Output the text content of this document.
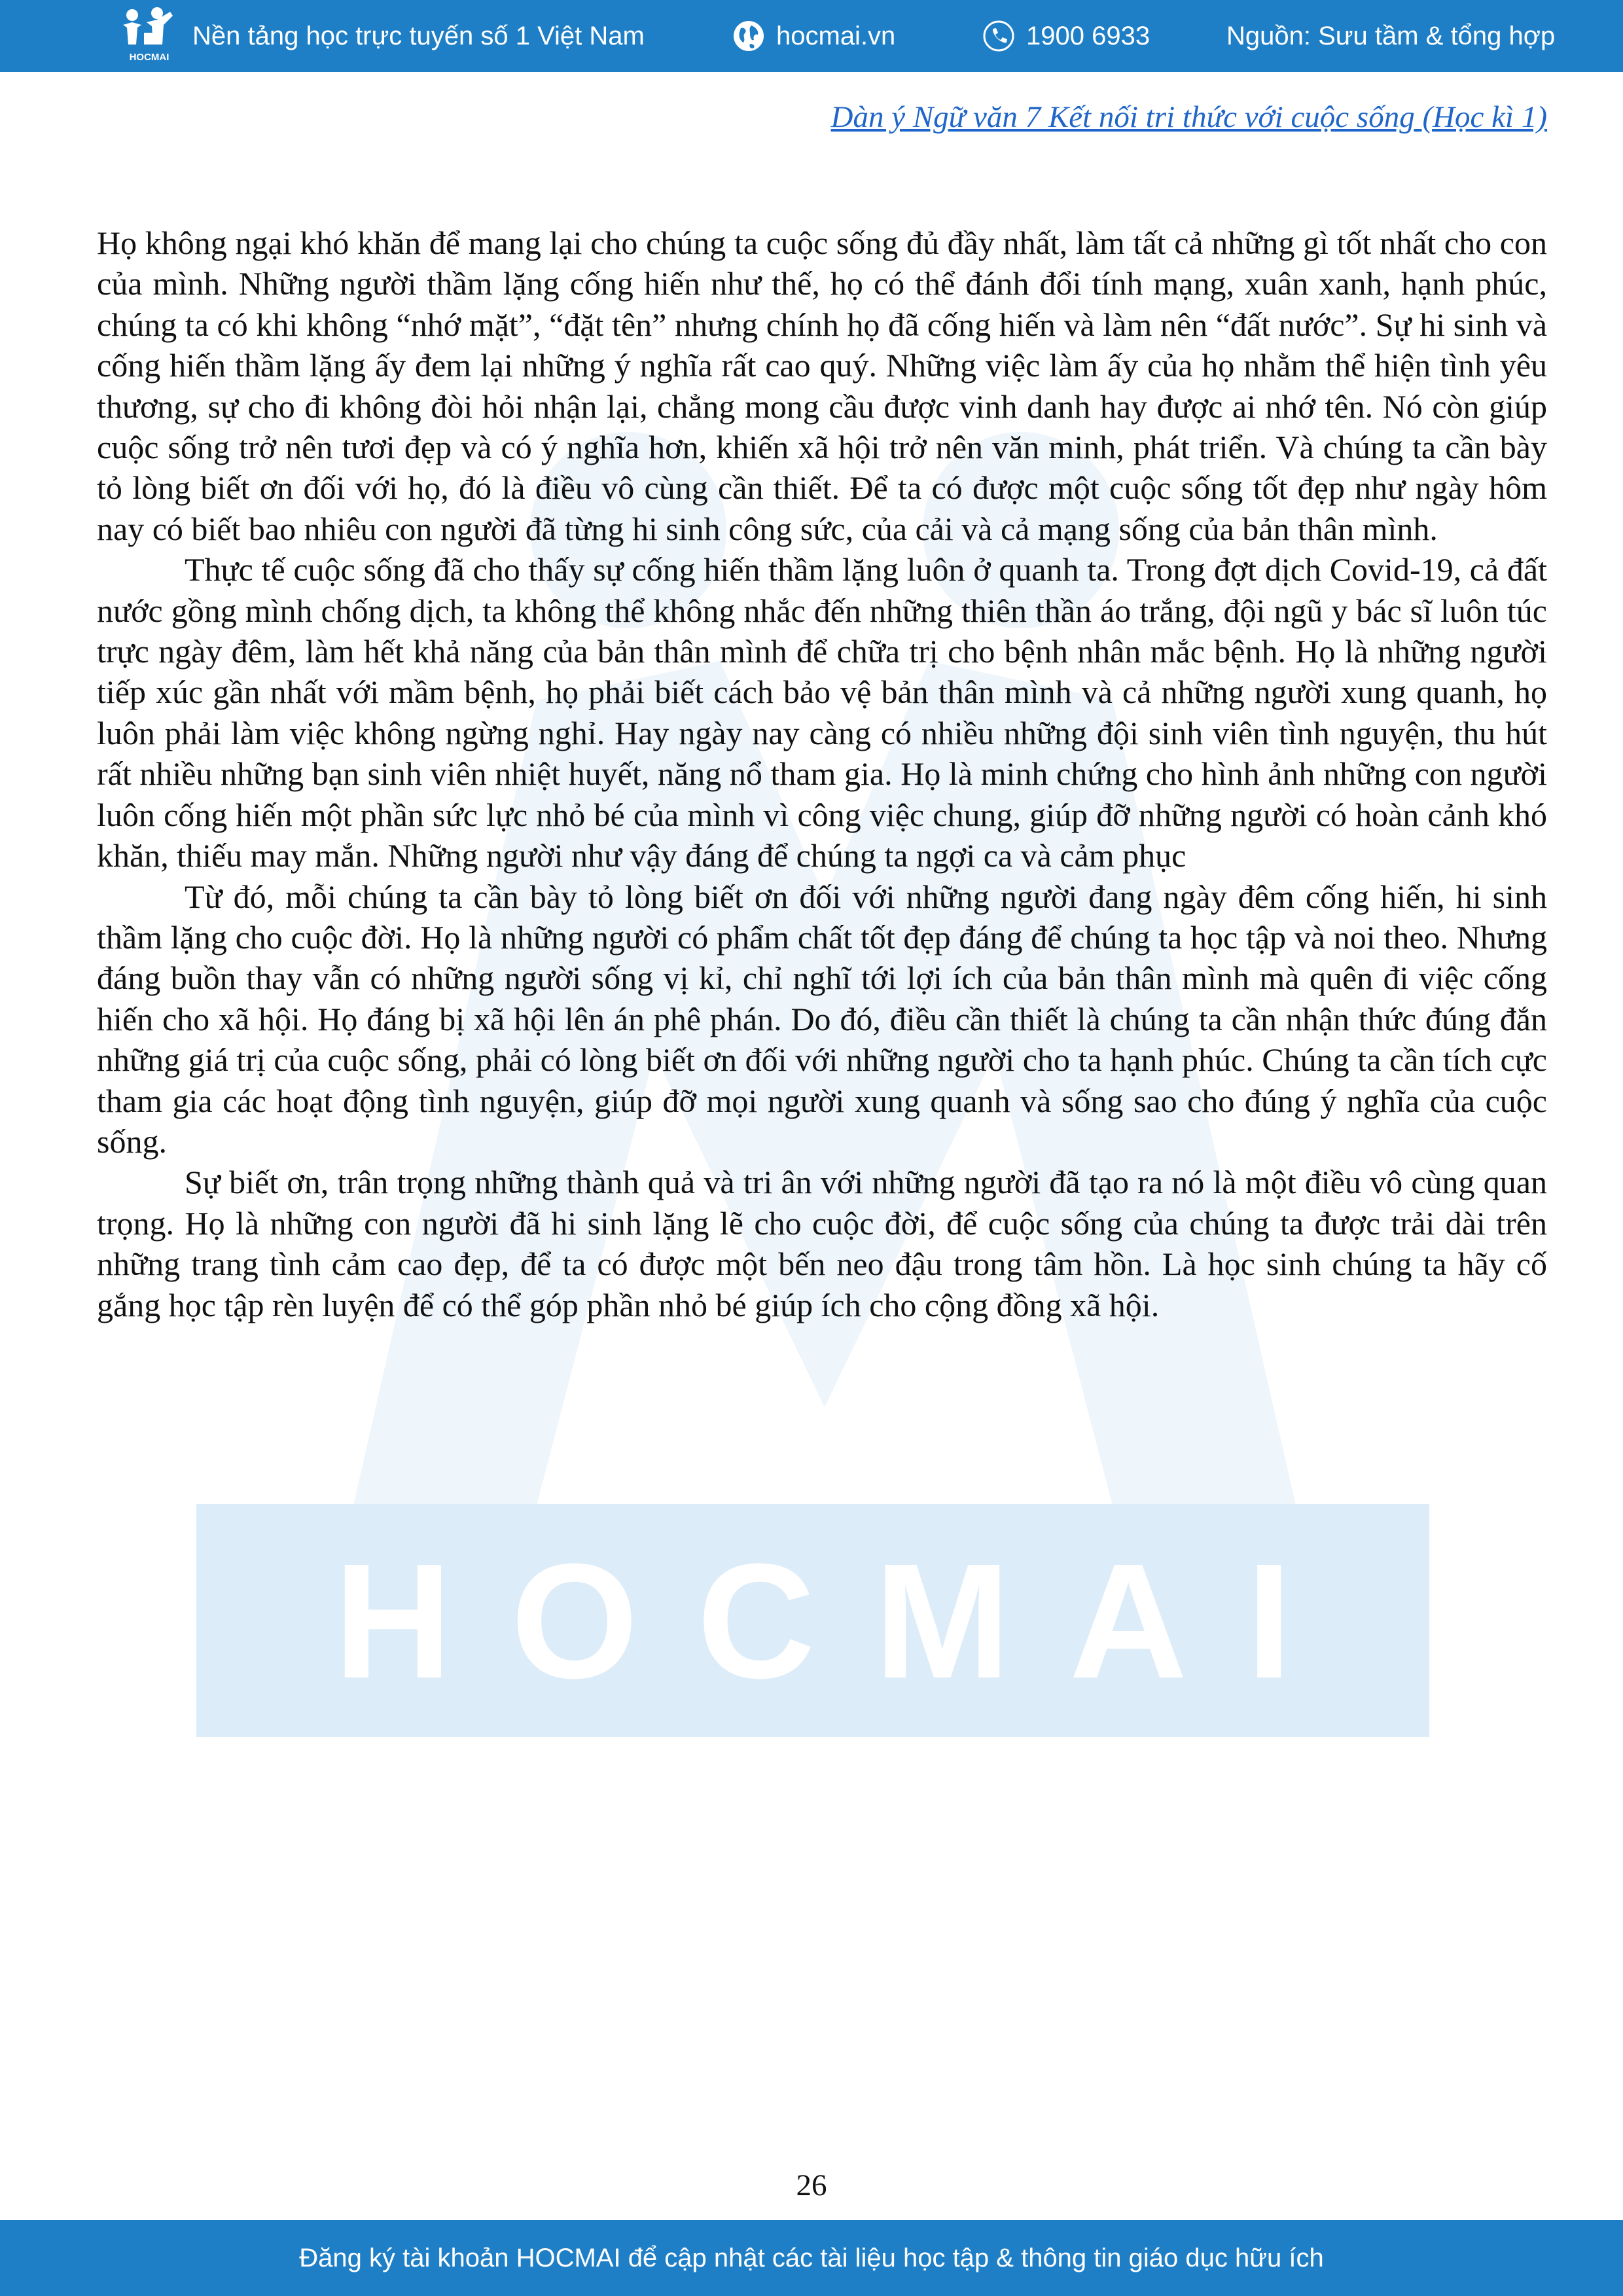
HOCMAI
Nền tảng học trực tuyến số 1 Việt Nam	hocmai.vn	1900 6933	Nguồn: Sưu tầm & tổng hợp
Dàn ý Ngữ văn 7 Kết nối tri thức với cuộc sống (Học kì 1)
HOCMAI

Họ không ngại khó khăn để mang lại cho chúng ta cuộc sống đủ đầy nhất, làm tất cả những gì tốt nhất cho con của mình. Những người thầm lặng cống hiến như thế, họ có thể đánh đổi tính mạng, xuân xanh, hạnh phúc, chúng ta có khi không “nhớ mặt”, “đặt tên” nhưng chính họ đã cống hiến và làm nên “đất nước”. Sự hi sinh và cống hiến thầm lặng ấy đem lại những ý nghĩa rất cao quý. Những việc làm ấy của họ nhằm thể hiện tình yêu thương, sự cho đi không đòi hỏi nhận lại, chẳng mong cầu được vinh danh hay được ai nhớ tên. Nó còn giúp cuộc sống trở nên tươi đẹp và có ý nghĩa hơn, khiến xã hội trở nên văn minh, phát triển. Và chúng ta cần bày tỏ lòng biết ơn đối với họ, đó là điều vô cùng cần thiết. Để ta có được một cuộc sống tốt đẹp như ngày hôm nay có biết bao nhiêu con người đã từng hi sinh công sức, của cải và cả mạng sống của bản thân mình.

Thực tế cuộc sống đã cho thấy sự cống hiến thầm lặng luôn ở quanh ta. Trong đợt dịch Covid-19, cả đất nước gồng mình chống dịch, ta không thể không nhắc đến những thiên thần áo trắng, đội ngũ y bác sĩ luôn túc trực ngày đêm, làm hết khả năng của bản thân mình để chữa trị cho bệnh nhân mắc bệnh. Họ là những người tiếp xúc gần nhất với mầm bệnh, họ phải biết cách bảo vệ bản thân mình và cả những người xung quanh, họ luôn phải làm việc không ngừng nghỉ. Hay ngày nay càng có nhiều những đội sinh viên tình nguyện, thu hút rất nhiều những bạn sinh viên nhiệt huyết, năng nổ tham gia. Họ là minh chứng cho hình ảnh những con người luôn cống hiến một phần sức lực nhỏ bé của mình vì công việc chung, giúp đỡ những người có hoàn cảnh khó khăn, thiếu may mắn. Những người như vậy đáng để chúng ta ngợi ca và cảm phục

Từ đó, mỗi chúng ta cần bày tỏ lòng biết ơn đối với những người đang ngày đêm cống hiến, hi sinh thầm lặng cho cuộc đời. Họ là những người có phẩm chất tốt đẹp đáng để chúng ta học tập và noi theo. Nhưng đáng buồn thay vẫn có những người sống vị kỉ, chỉ nghĩ tới lợi ích của bản thân mình mà quên đi việc cống hiến cho xã hội. Họ đáng bị xã hội lên án phê phán. Do đó, điều cần thiết là chúng ta cần nhận thức đúng đắn những giá trị của cuộc sống, phải có lòng biết ơn đối với những người cho ta hạnh phúc. Chúng ta cần tích cực tham gia các hoạt động tình nguyện, giúp đỡ mọi người xung quanh và sống sao cho đúng ý nghĩa của cuộc sống.

Sự biết ơn, trân trọng những thành quả và tri ân với những người đã tạo ra nó là một điều vô cùng quan trọng. Họ là những con người đã hi sinh lặng lẽ cho cuộc đời, để cuộc sống của chúng ta được trải dài trên những trang tình cảm cao đẹp, để ta có được một bến neo đậu trong tâm hồn. Là học sinh chúng ta hãy cố gắng học tập rèn luyện để có thể góp phần nhỏ bé giúp ích cho cộng đồng xã hội.

26
Đăng ký tài khoản HOCMAI để cập nhật các tài liệu học tập & thông tin giáo dục hữu ích
